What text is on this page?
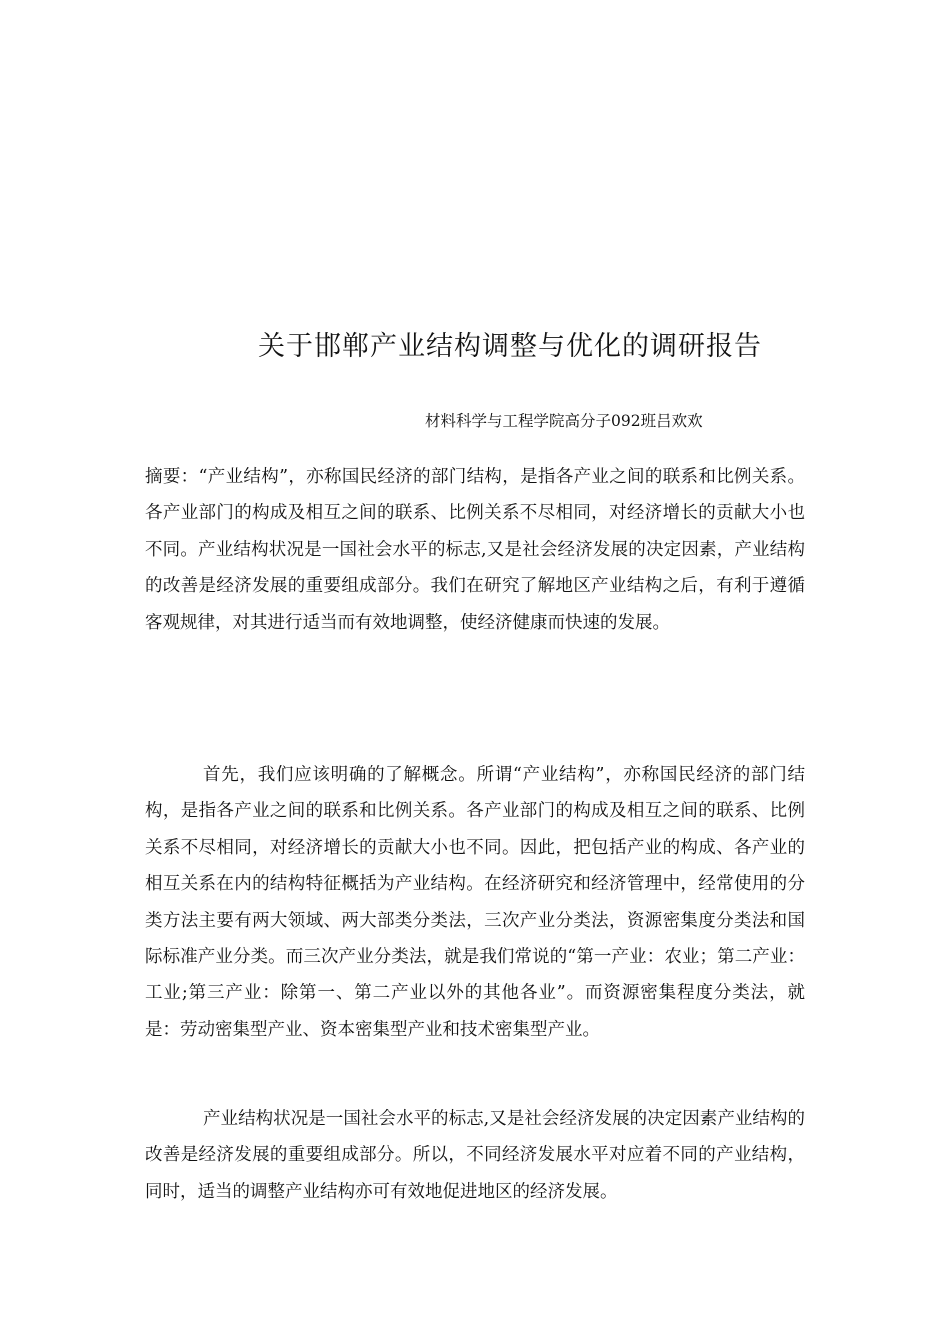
关于邯郸产业结构调整与优化的调研报告
材料科学与工程学院高分子092班吕欢欢

摘要：“产业结构”，亦称国民经济的部门结构，是指各产业之间的联系和比例关系。各产业部门的构成及相互之间的联系、比例关系不尽相同，对经济增长的贡献大小也不同。产业结构状况是一国社会水平的标志,又是社会经济发展的决定因素，产业结构的改善是经济发展的重要组成部分。我们在研究了解地区产业结构之后，有利于遵循客观规律，对其进行适当而有效地调整，使经济健康而快速的发展。

首先，我们应该明确的了解概念。所谓“产业结构”，亦称国民经济的部门结构，是指各产业之间的联系和比例关系。各产业部门的构成及相互之间的联系、比例关系不尽相同，对经济增长的贡献大小也不同。因此，把包括产业的构成、各产业的相互关系在内的结构特征概括为产业结构。在经济研究和经济管理中，经常使用的分类方法主要有两大领域、两大部类分类法，三次产业分类法，资源密集度分类法和国际标准产业分类。而三次产业分类法，就是我们常说的“第一产业：农业；第二产业：工业;第三产业：除第一、第二产业以外的其他各业”。而资源密集程度分类法，就是：劳动密集型产业、资本密集型产业和技术密集型产业。

产业结构状况是一国社会水平的标志,又是社会经济发展的决定因素产业结构的改善是经济发展的重要组成部分。所以，不同经济发展水平对应着不同的产业结构，同时，适当的调整产业结构亦可有效地促进地区的经济发展。
